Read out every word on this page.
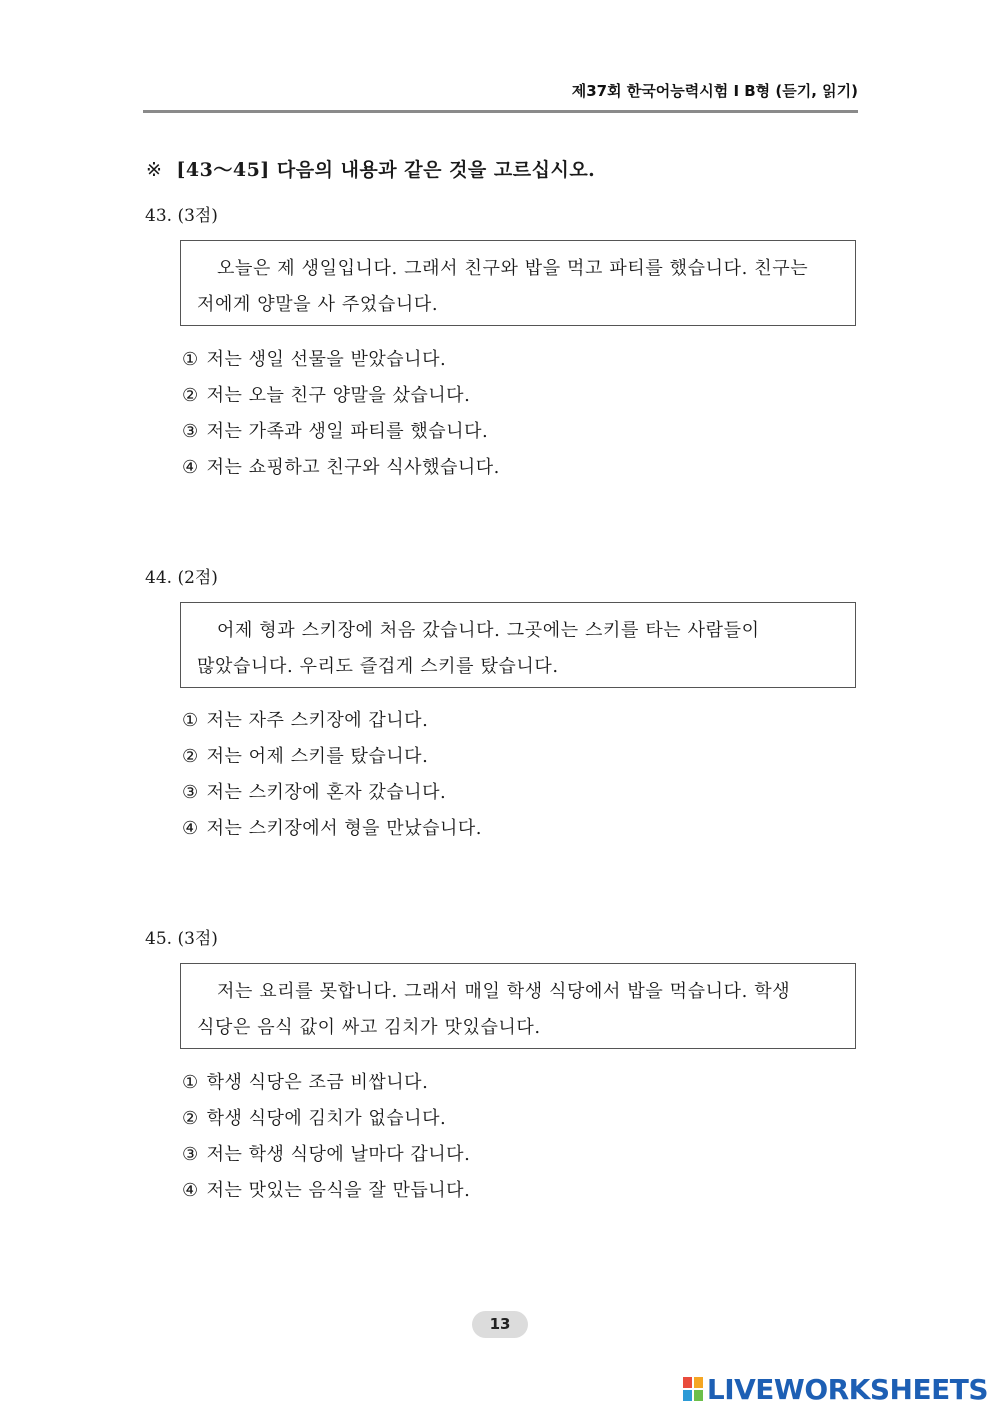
제37회 한국어능력시험 I B형 (듣기, 읽기)
※ [43～45] 다음의 내용과 같은 것을 고르십시오.
43. (3점)
오늘은 제 생일입니다. 그래서 친구와 밥을 먹고 파티를 했습니다. 친구는 저에게 양말을 사 주었습니다.
① 저는 생일 선물을 받았습니다.
② 저는 오늘 친구 양말을 샀습니다.
③ 저는 가족과 생일 파티를 했습니다.
④ 저는 쇼핑하고 친구와 식사했습니다.
44. (2점)
어제 형과 스키장에 처음 갔습니다. 그곳에는 스키를 타는 사람들이 많았습니다. 우리도 즐겁게 스키를 탔습니다.
① 저는 자주 스키장에 갑니다.
② 저는 어제 스키를 탔습니다.
③ 저는 스키장에 혼자 갔습니다.
④ 저는 스키장에서 형을 만났습니다.
45. (3점)
저는 요리를 못합니다. 그래서 매일 학생 식당에서 밥을 먹습니다. 학생 식당은 음식 값이 싸고 김치가 맛있습니다.
① 학생 식당은 조금 비쌉니다.
② 학생 식당에 김치가 없습니다.
③ 저는 학생 식당에 날마다 갑니다.
④ 저는 맛있는 음식을 잘 만듭니다.
13
LIVEWORKSHEETS
